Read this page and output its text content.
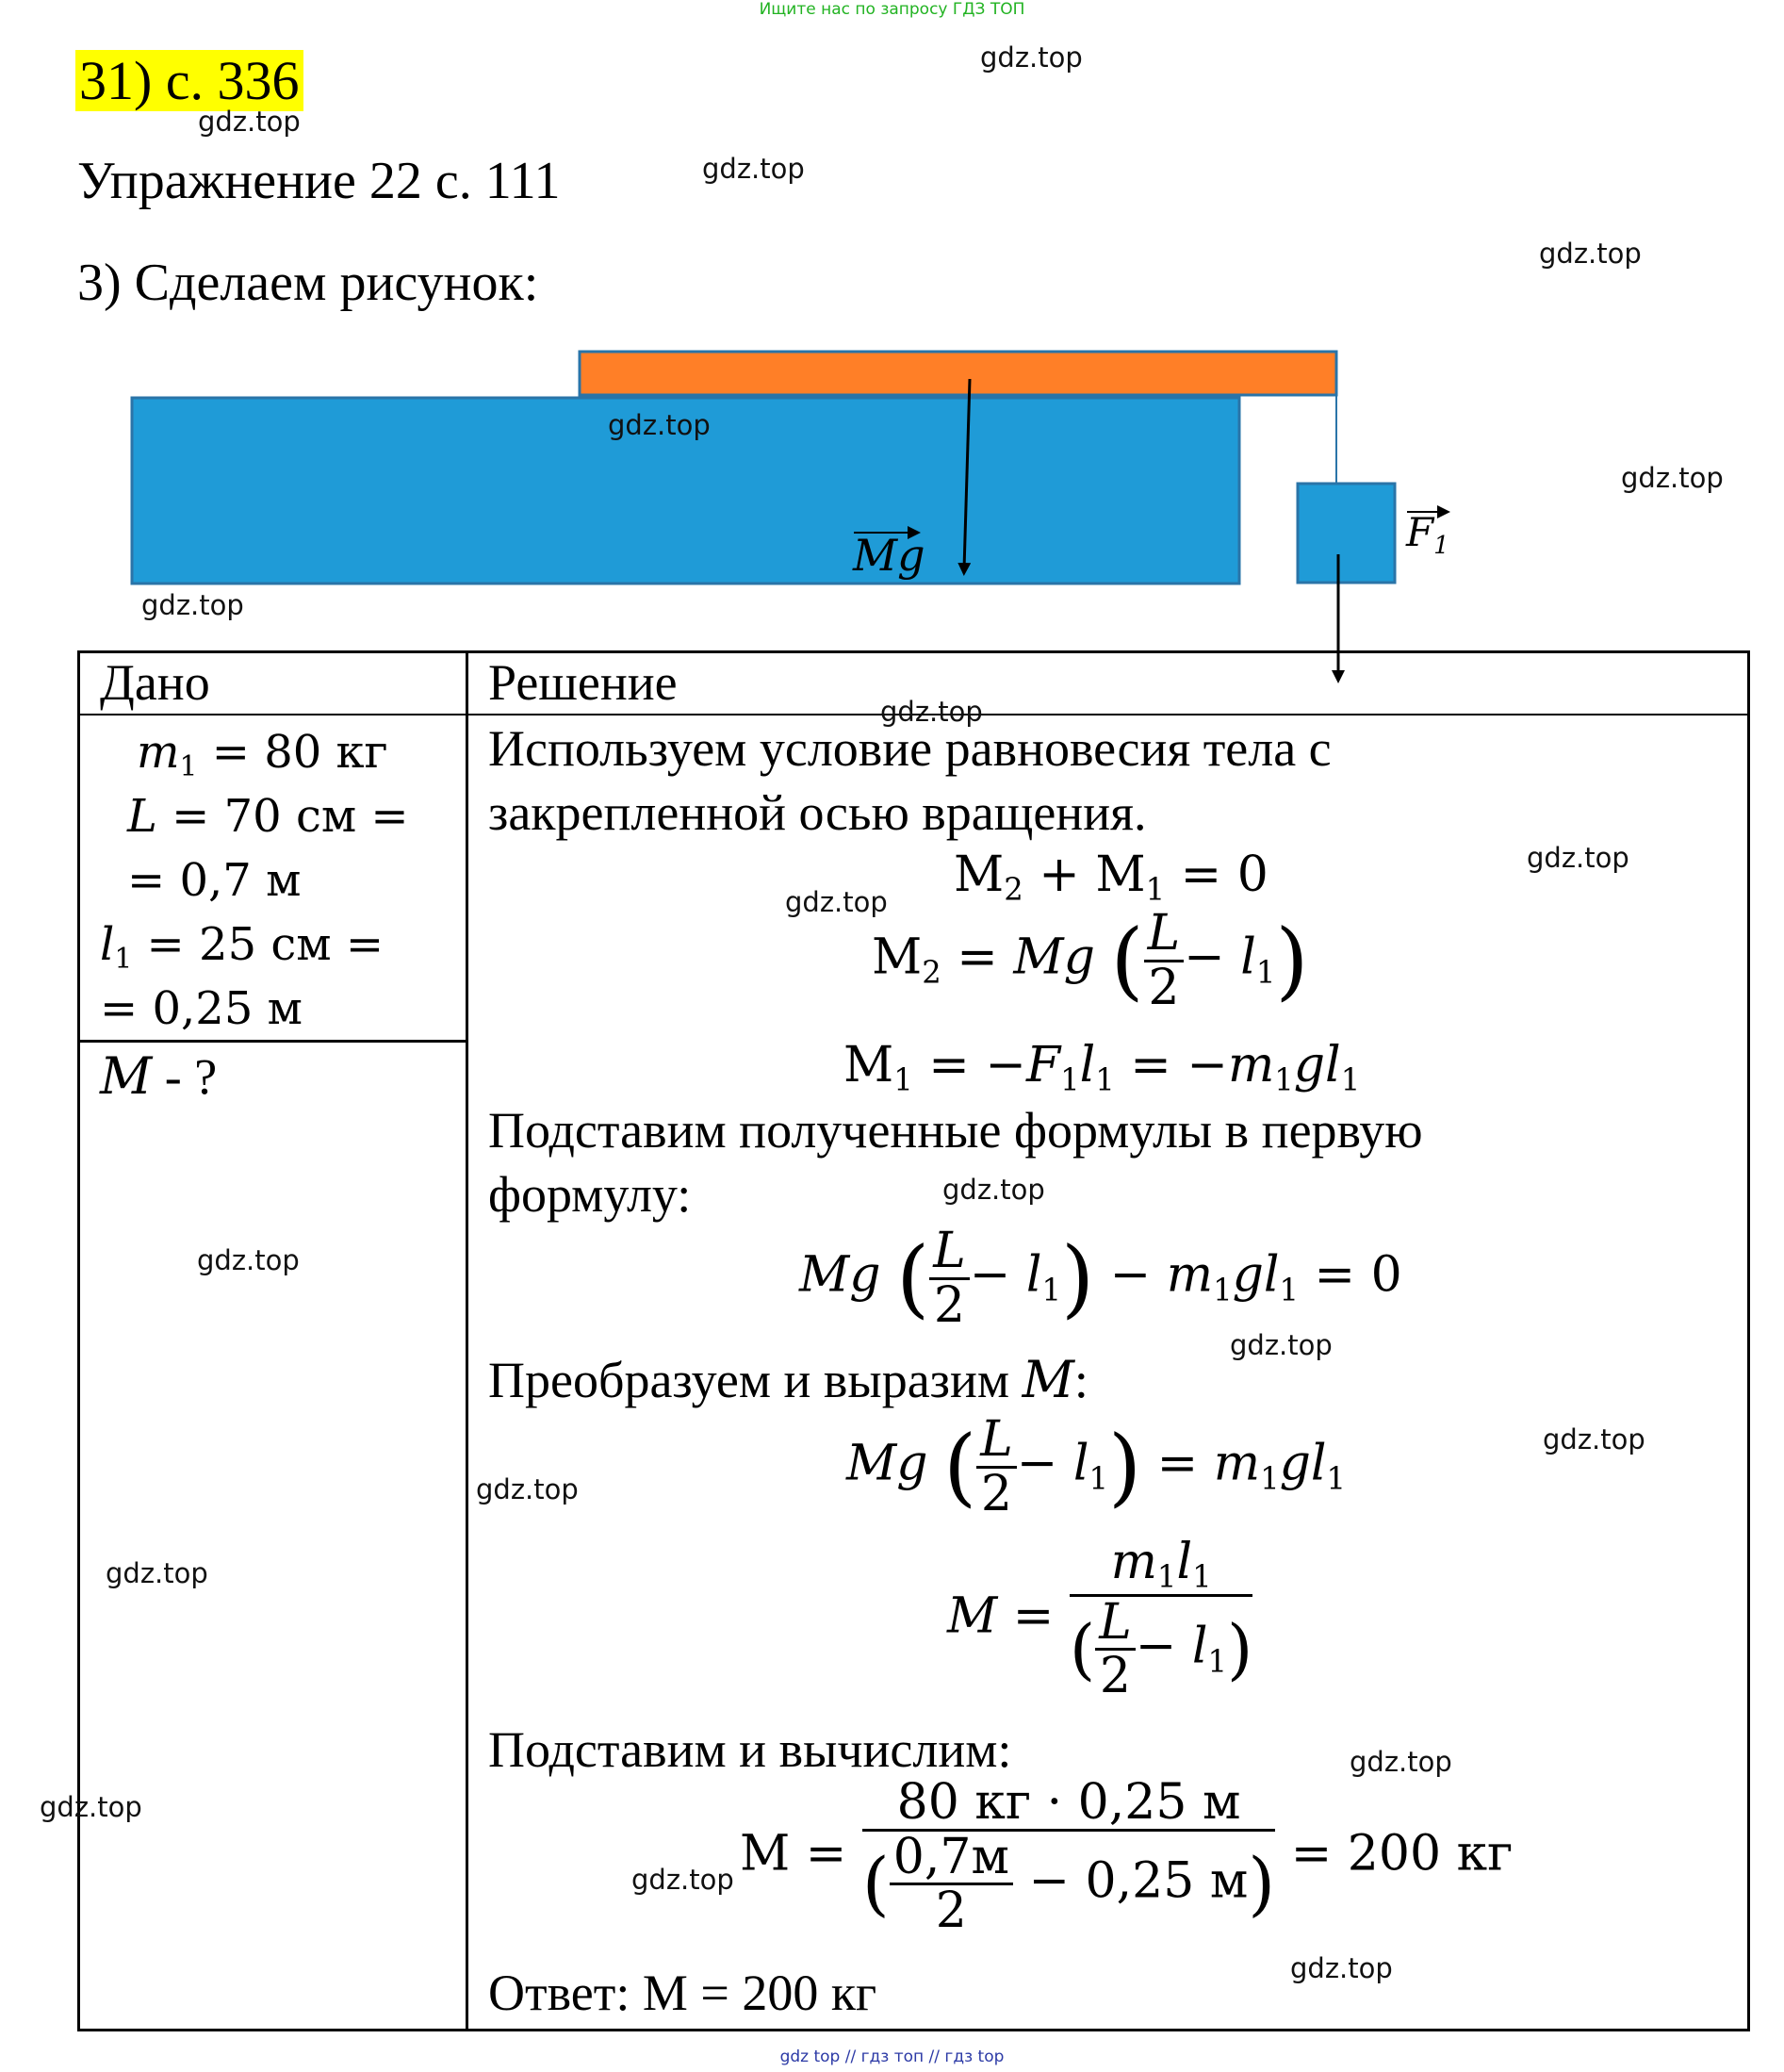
Ищите нас по запросу ГДЗ ТОП
gdz top // гдз топ // гдз top
31) с. 336
Упражнение 22 с. 111
3) Сделаем рисунок:
Mg	$F_1$
Дано	Решение
$m_1 = 80$ кг
L = 70 см =
= 0,7 м
$l_1 = 25$ см =
= 0,25 м
M - ?
Используем условие равновесия тела с закрепленной осью вращения.
$M_2 + M_1 = 0$
$M_2 = Mg$ ( $\frac{L}{2} - l_1$)
$M_1 = -F_1l_1 = -m_1gl_1$
Подставим полученные формулы в первую формулу:
Mg ( $\frac{L}{2} - l_1) - m_1gl_1 = 0$
Преобразуем и выразим M:
Mg ( $\frac{L}{2} - l_1) = m_1gl_1$
$M = \frac{m_1l_1}{( \frac{L}{2} - l_1)}$
Подставим и вычислим:
$M = \frac{80 кг \cdot 0,25 м}{( \frac{0,7м}{2} - 0,25 м)} = 200$ кг
Ответ: M = 200 кг
gdz.top
gdz.top
gdz.top
gdz.top
gdz.top
gdz.top
gdz.top
gdz.top
gdz.top
gdz.top
gdz.top
gdz.top
gdz.top
gdz.top
gdz.top
gdz.top
gdz.top
gdz.top
gdz.top
gdz.top
